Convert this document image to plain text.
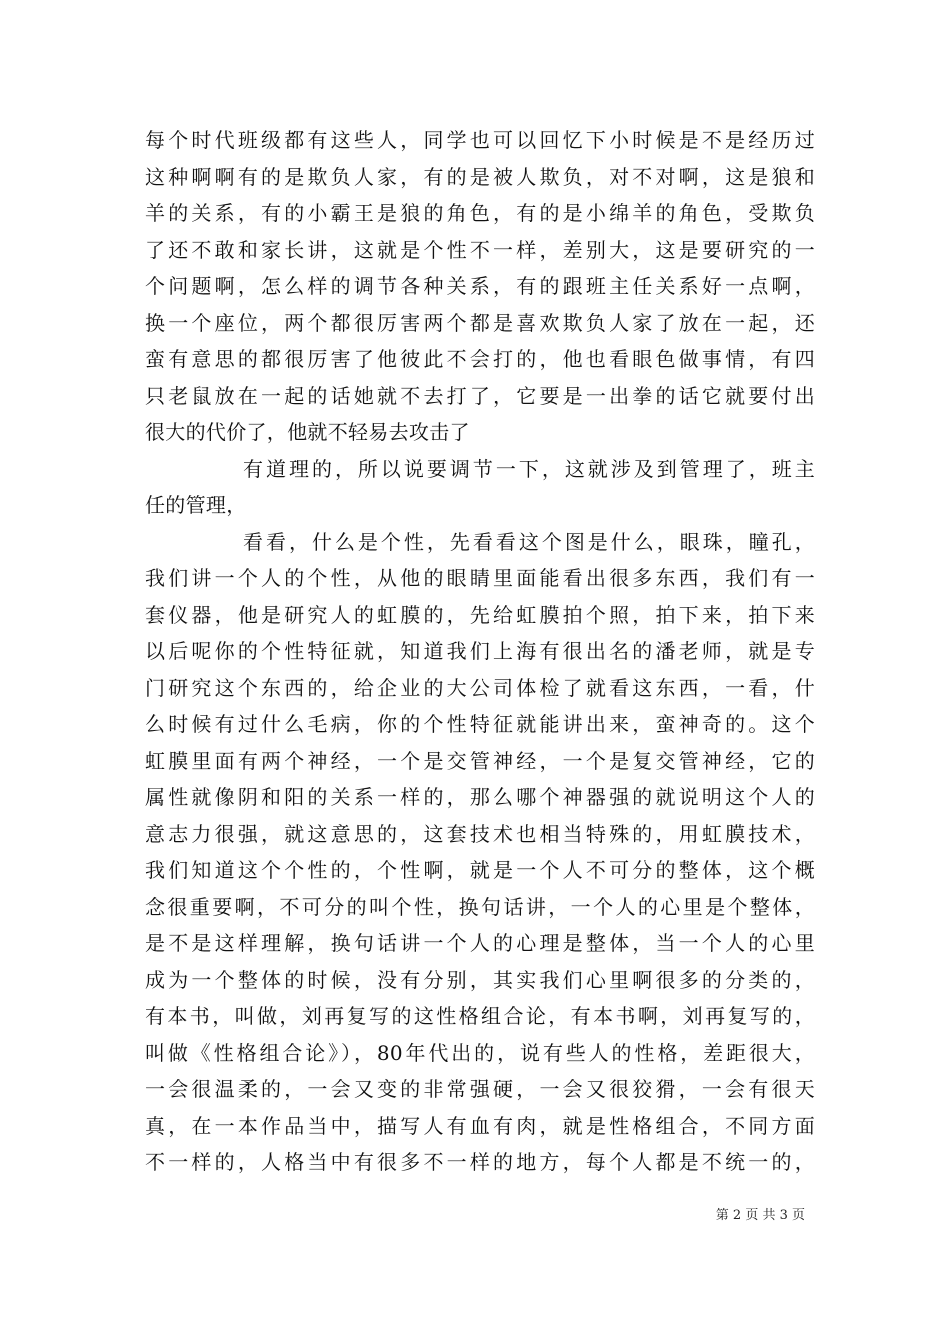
每个时代班级都有这些人，同学也可以回忆下小时候是不是经历过
这种啊啊有的是欺负人家，有的是被人欺负，对不对啊，这是狼和
羊的关系，有的小霸王是狼的角色，有的是小绵羊的角色，受欺负
了还不敢和家长讲，这就是个性不一样，差别大，这是要研究的一
个问题啊，怎么样的调节各种关系，有的跟班主任关系好一点啊，
换一个座位，两个都很厉害两个都是喜欢欺负人家了放在一起，还
蛮有意思的都很厉害了他彼此不会打的，他也看眼色做事情，有四
只老鼠放在一起的话她就不去打了，它要是一出拳的话它就要付出
很大的代价了，他就不轻易去攻击了
有道理的，所以说要调节一下，这就涉及到管理了，班主
任的管理，
看看，什么是个性，先看看这个图是什么，眼珠，瞳孔，
我们讲一个人的个性，从他的眼睛里面能看出很多东西，我们有一
套仪器，他是研究人的虹膜的，先给虹膜拍个照，拍下来，拍下来
以后呢你的个性特征就，知道我们上海有很出名的潘老师，就是专
门研究这个东西的，给企业的大公司体检了就看这东西，一看，什
么时候有过什么毛病，你的个性特征就能讲出来，蛮神奇的。这个
虹膜里面有两个神经，一个是交管神经，一个是复交管神经，它的
属性就像阴和阳的关系一样的，那么哪个神器强的就说明这个人的
意志力很强，就这意思的，这套技术也相当特殊的，用虹膜技术，
我们知道这个个性的，个性啊，就是一个人不可分的整体，这个概
念很重要啊，不可分的叫个性，换句话讲，一个人的心里是个整体，
是不是这样理解，换句话讲一个人的心理是整体，当一个人的心里
成为一个整体的时候，没有分别，其实我们心里啊很多的分类的，
有本书，叫做，刘再复写的这性格组合论，有本书啊，刘再复写的，
叫做《性格组合论》），80年代出的，说有些人的性格，差距很大，
一会很温柔的，一会又变的非常强硬，一会又很狡猾，一会有很天
真，在一本作品当中，描写人有血有肉，就是性格组合，不同方面
不一样的，人格当中有很多不一样的地方，每个人都是不统一的，
第 2 页 共 3 页
